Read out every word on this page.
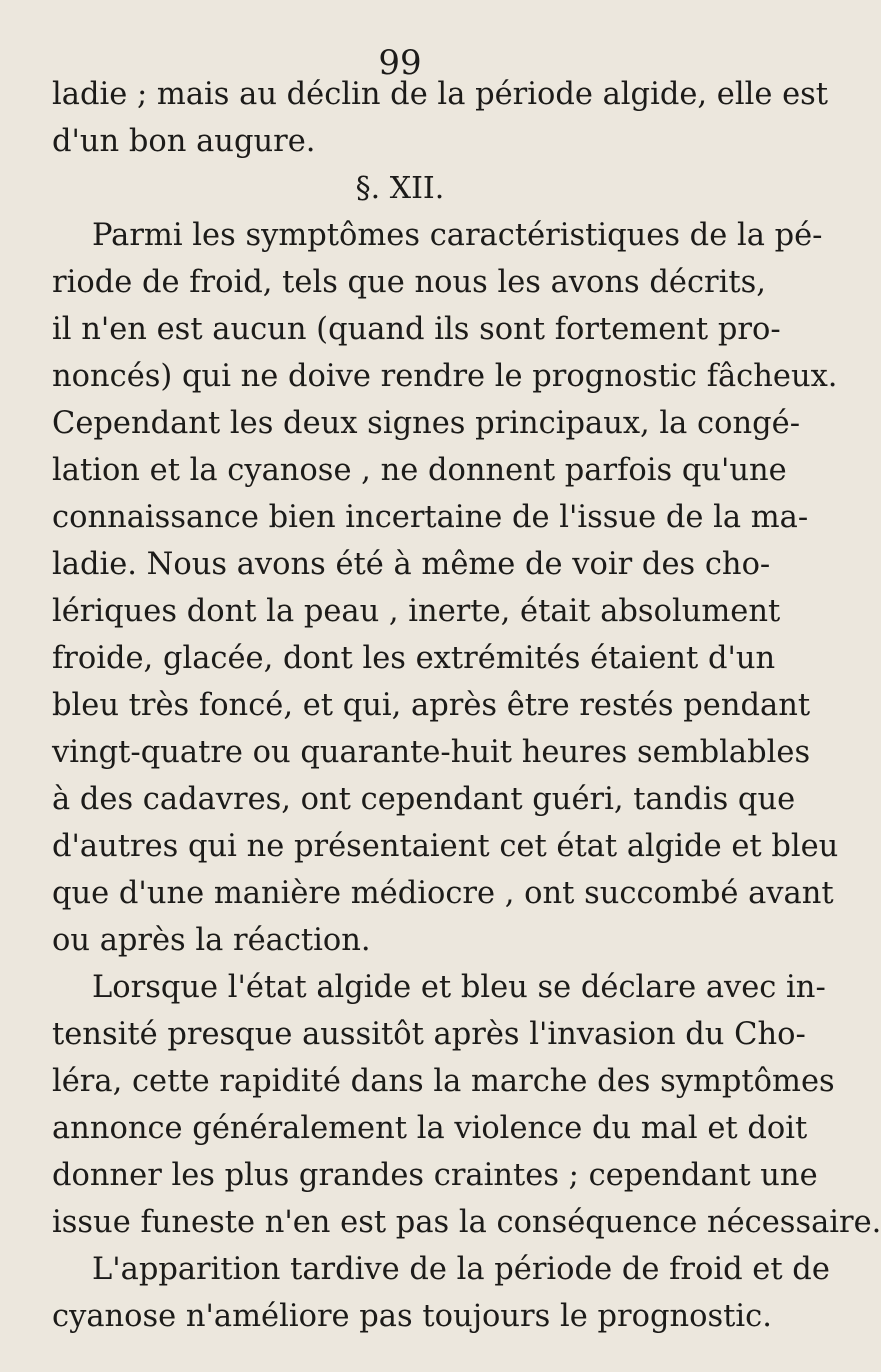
99
ladie ; mais au déclin de la période algide, elle est
d'un bon augure.
§. XII.
Parmi les symptômes caractéristiques de la pé-
riode de froid, tels que nous les avons décrits,
il n'en est aucun (quand ils sont fortement pro-
noncés) qui ne doive rendre le prognostic fâcheux.
Cependant les deux signes principaux, la congé-
lation et la cyanose , ne donnent parfois qu'une
connaissance bien incertaine de l'issue de la ma-
ladie. Nous avons été à même de voir des cho-
lériques dont la peau , inerte, était absolument
froide, glacée, dont les extrémités étaient d'un
bleu très foncé, et qui, après être restés pendant
vingt-quatre ou quarante-huit heures semblables
à des cadavres, ont cependant guéri, tandis que
d'autres qui ne présentaient cet état algide et bleu
que d'une manière médiocre , ont succombé avant
ou après la réaction.
Lorsque l'état algide et bleu se déclare avec in-
tensité presque aussitôt après l'invasion du Cho-
léra, cette rapidité dans la marche des symptômes
annonce généralement la violence du mal et doit
donner les plus grandes craintes ; cependant une
issue funeste n'en est pas la conséquence nécessaire.
L'apparition tardive de la période de froid et de
cyanose n'améliore pas toujours le prognostic.
